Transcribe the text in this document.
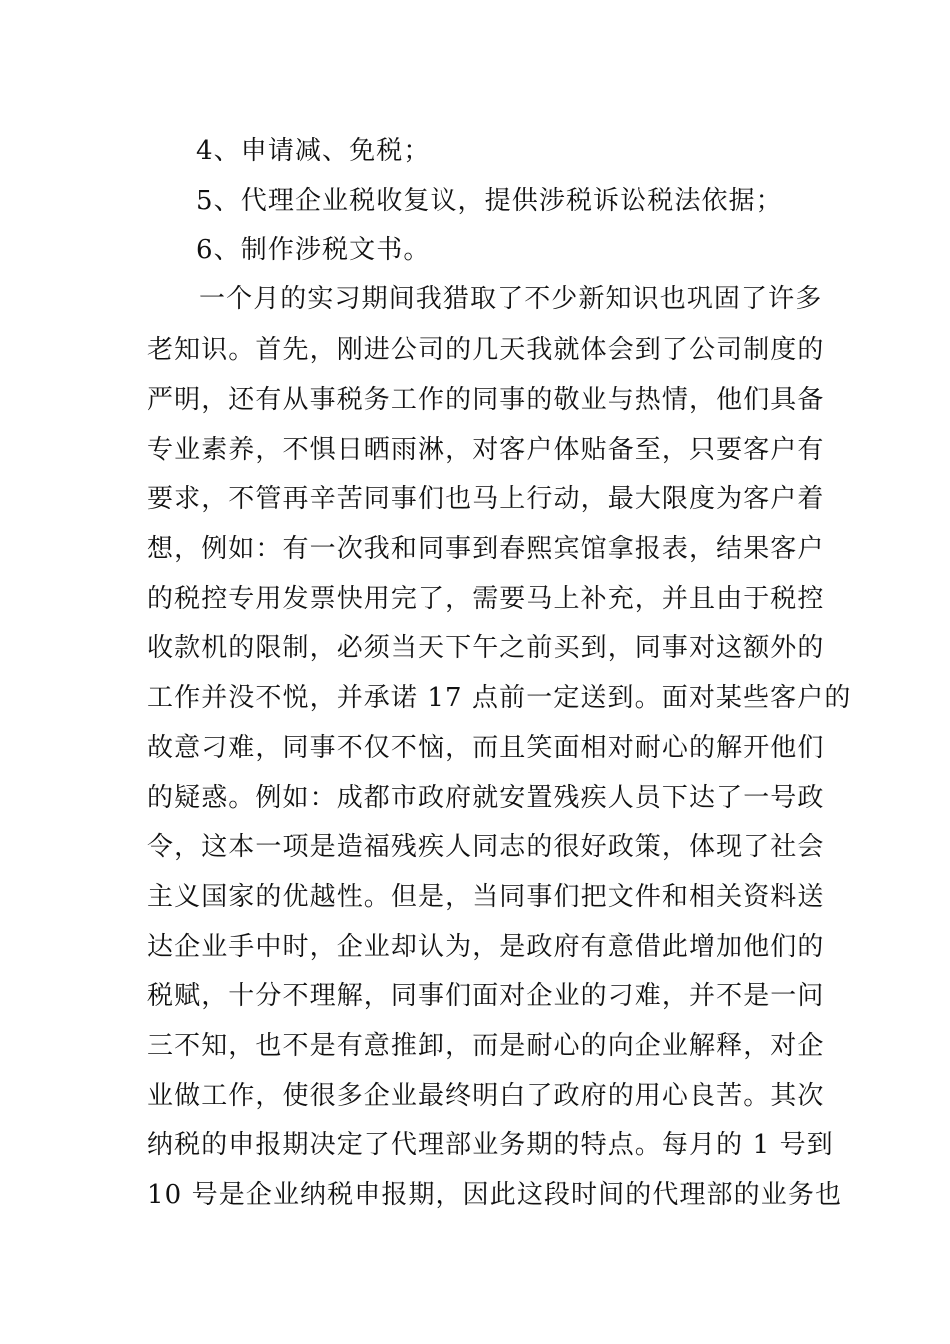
4、申请减、免税；
5、代理企业税收复议，提供涉税诉讼税法依据；
6、制作涉税文书。
一个月的实习期间我猎取了不少新知识也巩固了许多
老知识。首先，刚进公司的几天我就体会到了公司制度的
严明，还有从事税务工作的同事的敬业与热情，他们具备
专业素养，不惧日晒雨淋，对客户体贴备至，只要客户有
要求，不管再辛苦同事们也马上行动，最大限度为客户着
想，例如：有一次我和同事到春熙宾馆拿报表，结果客户
的税控专用发票快用完了，需要马上补充，并且由于税控
收款机的限制，必须当天下午之前买到，同事对这额外的
工作并没不悦，并承诺 17 点前一定送到。面对某些客户的
故意刁难，同事不仅不恼，而且笑面相对耐心的解开他们
的疑惑。例如：成都市政府就安置残疾人员下达了一号政
令，这本一项是造福残疾人同志的很好政策，体现了社会
主义国家的优越性。但是，当同事们把文件和相关资料送
达企业手中时，企业却认为，是政府有意借此增加他们的
税赋，十分不理解，同事们面对企业的刁难，并不是一问
三不知，也不是有意推卸，而是耐心的向企业解释，对企
业做工作，使很多企业最终明白了政府的用心良苦。其次
纳税的申报期决定了代理部业务期的特点。每月的 1 号到
10 号是企业纳税申报期，因此这段时间的代理部的业务也
